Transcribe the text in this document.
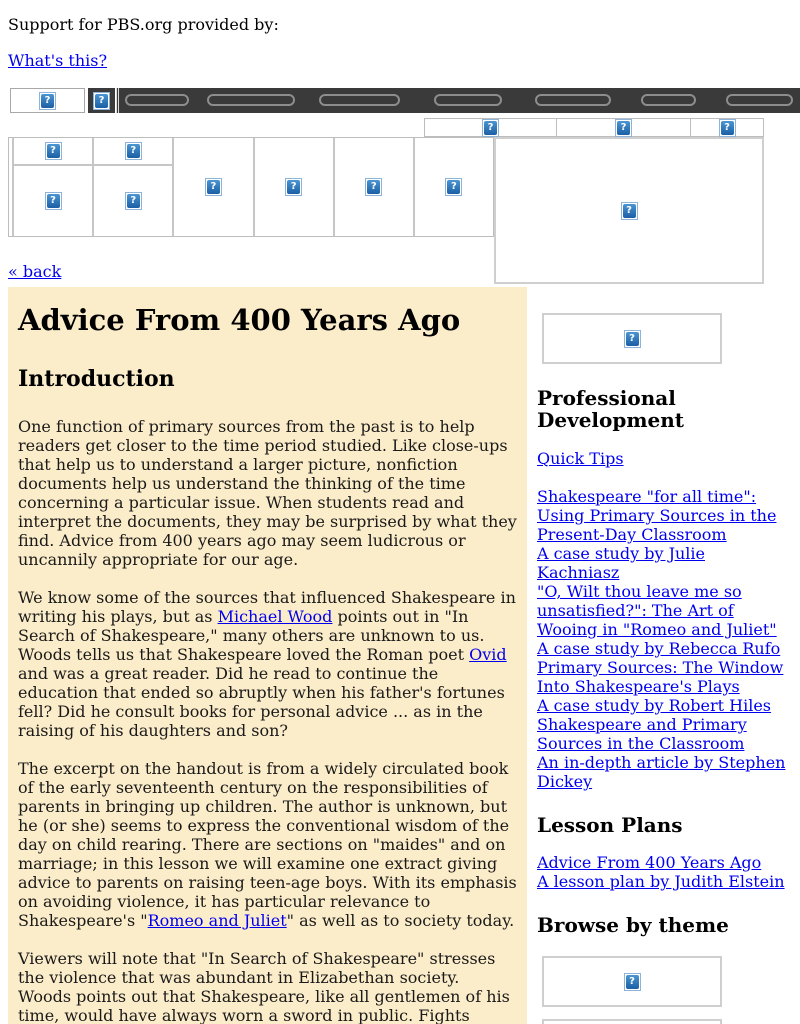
Support for PBS.org provided by:
What's this?
?
?
?
?
?
?
?
?
?
?
?
?
?
?
« back
Advice From 400 Years Ago
Introduction

One function of primary sources from the past is to help readers get closer to the time period studied. Like close-ups that help us to understand a larger picture, nonfiction documents help us understand the thinking of the time concerning a particular issue. When students read and interpret the documents, they may be surprised by what they find. Advice from 400 years ago may seem ludicrous or uncannily appropriate for our age.

We know some of the sources that influenced Shakespeare in writing his plays, but as Michael Wood points out in "In Search of Shakespeare," many others are unknown to us. Woods tells us that Shakespeare loved the Roman poet Ovid and was a great reader. Did he read to continue the education that ended so abruptly when his father's fortunes fell? Did he consult books for personal advice ... as in the raising of his daughters and son?

The excerpt on the handout is from a widely circulated book of the early seventeenth century on the responsibilities of parents in bringing up children. The author is unknown, but he (or she) seems to express the conventional wisdom of the day on child rearing. There are sections on "maides" and on marriage; in this lesson we will examine one extract giving advice to parents on raising teen-age boys. With its emphasis on avoiding violence, it has particular relevance to Shakespeare's "Romeo and Juliet" as well as to society today.

Viewers will note that "In Search of Shakespeare" stresses the violence that was abundant in Elizabethan society. Woods points out that Shakespeare, like all gentlemen of his time, would have always worn a sword in public. Fights

?
Professional Development
Quick Tips
Shakespeare "for all time": Using Primary Sources in the Present-Day Classroom
A case study by Julie Kachniasz
"O, Wilt thou leave me so unsatisfied?": The Art of Wooing in "Romeo and Juliet"
A case study by Rebecca Rufo
Primary Sources: The Window Into Shakespeare's Plays
A case study by Robert Hiles
Shakespeare and Primary Sources in the Classroom
An in-depth article by Stephen Dickey
Lesson Plans
Advice From 400 Years Ago
A lesson plan by Judith Elstein
Browse by theme
?
